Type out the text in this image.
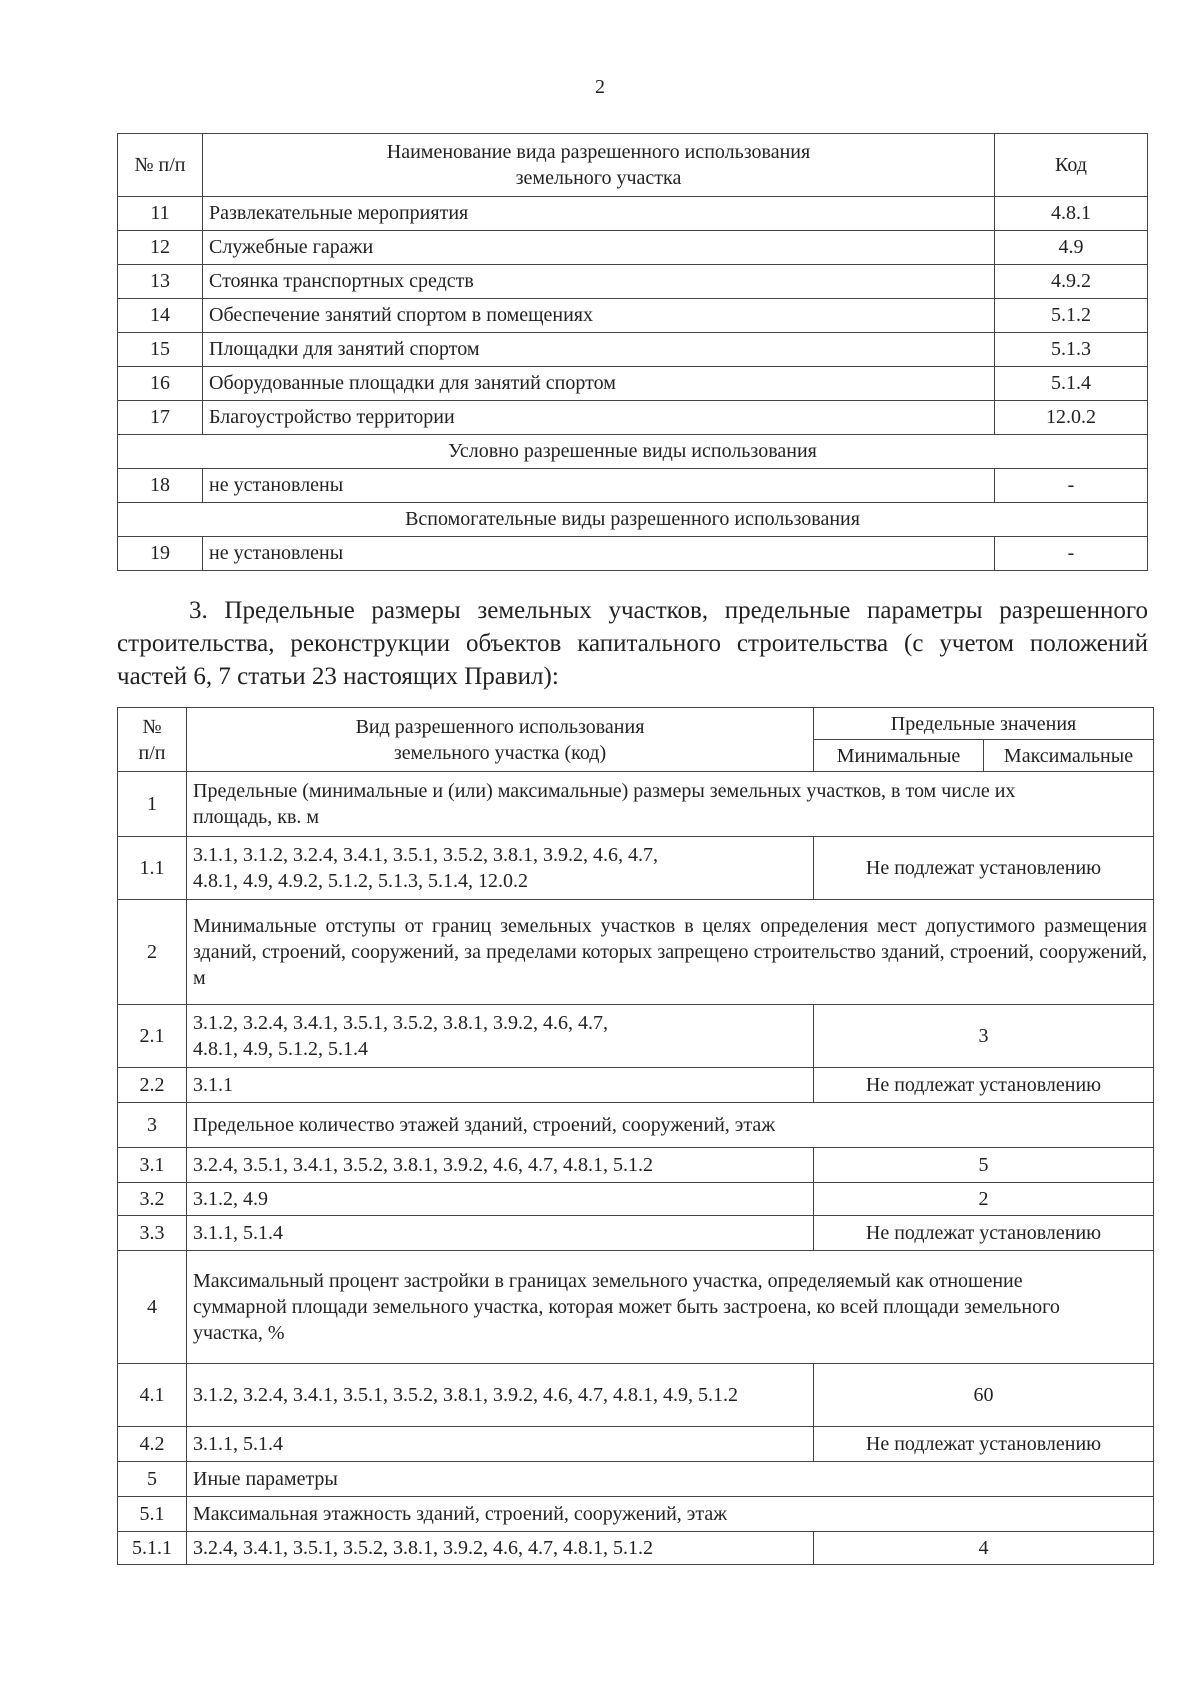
2
№ п/п	Наименование вида разрешенного использования земельного участка	Код
11	Развлекательные мероприятия	4.8.1
12	Служебные гаражи	4.9
13	Стоянка транспортных средств	4.9.2
14	Обеспечение занятий спортом в помещениях	5.1.2
15	Площадки для занятий спортом	5.1.3
16	Оборудованные площадки для занятий спортом	5.1.4
17	Благоустройство территории	12.0.2
Условно разрешенные виды использования		
18	не установлены	-
Вспомогательные виды разрешенного использования		
19	не установлены	-
3. Предельные размеры земельных участков, предельные параметры разрешенного строительства, реконструкции объектов капитального строительства (с учетом положений частей 6, 7 статьи 23 настоящих Правил):
№ п/п	Вид разрешенного использования земельного участка (код)	Предельные значения	
		Минимальные	Максимальные
1	Предельные (минимальные и (или) максимальные) размеры земельных участков, в том числе их площадь, кв. м		

1.1	3.1.1, 3.1.2, 3.2.4, 3.4.1, 3.5.1, 3.5.2, 3.8.1, 3.9.2, 4.6, 4.7, 4.8.1, 4.9, 4.9.2, 5.1.2, 5.1.3, 5.1.4, 12.0.2	Не подлежат установлению	
2	Минимальные отступы от границ земельных участков в целях определения мест допустимого размещения зданий, строений, сооружений, за пределами которых запрещено строительство зданий, строений, сооружений, м		
2.1	3.1.2, 3.2.4, 3.4.1, 3.5.1, 3.5.2, 3.8.1, 3.9.2, 4.6, 4.7, 4.8.1, 4.9, 5.1.2, 5.1.4	3	
2.2	3.1.1	Не подлежат установлению	
3	Предельное количество этажей зданий, строений, сооружений, этаж		
3.1	3.2.4, 3.5.1, 3.4.1, 3.5.2, 3.8.1, 3.9.2, 4.6, 4.7, 4.8.1, 5.1.2	5	
3.2	3.1.2, 4.9	2	
3.3	3.1.1, 5.1.4	Не подлежат установлению	
4	Максимальный процент застройки в границах земельного участка, определяемый как отношение суммарной площади земельного участка, которая может быть застроена, ко всей площади земельного участка, %		

4.1	3.1.2, 3.2.4, 3.4.1, 3.5.1, 3.5.2, 3.8.1, 3.9.2, 4.6, 4.7, 4.8.1, 4.9, 5.1.2	60	
4.2	3.1.1, 5.1.4	Не подлежат установлению	
5	Иные параметры		
5.1	Максимальная этажность зданий, строений, сооружений, этаж		
5.1.1	3.2.4, 3.4.1, 3.5.1, 3.5.2, 3.8.1, 3.9.2, 4.6, 4.7, 4.8.1, 5.1.2	4	
